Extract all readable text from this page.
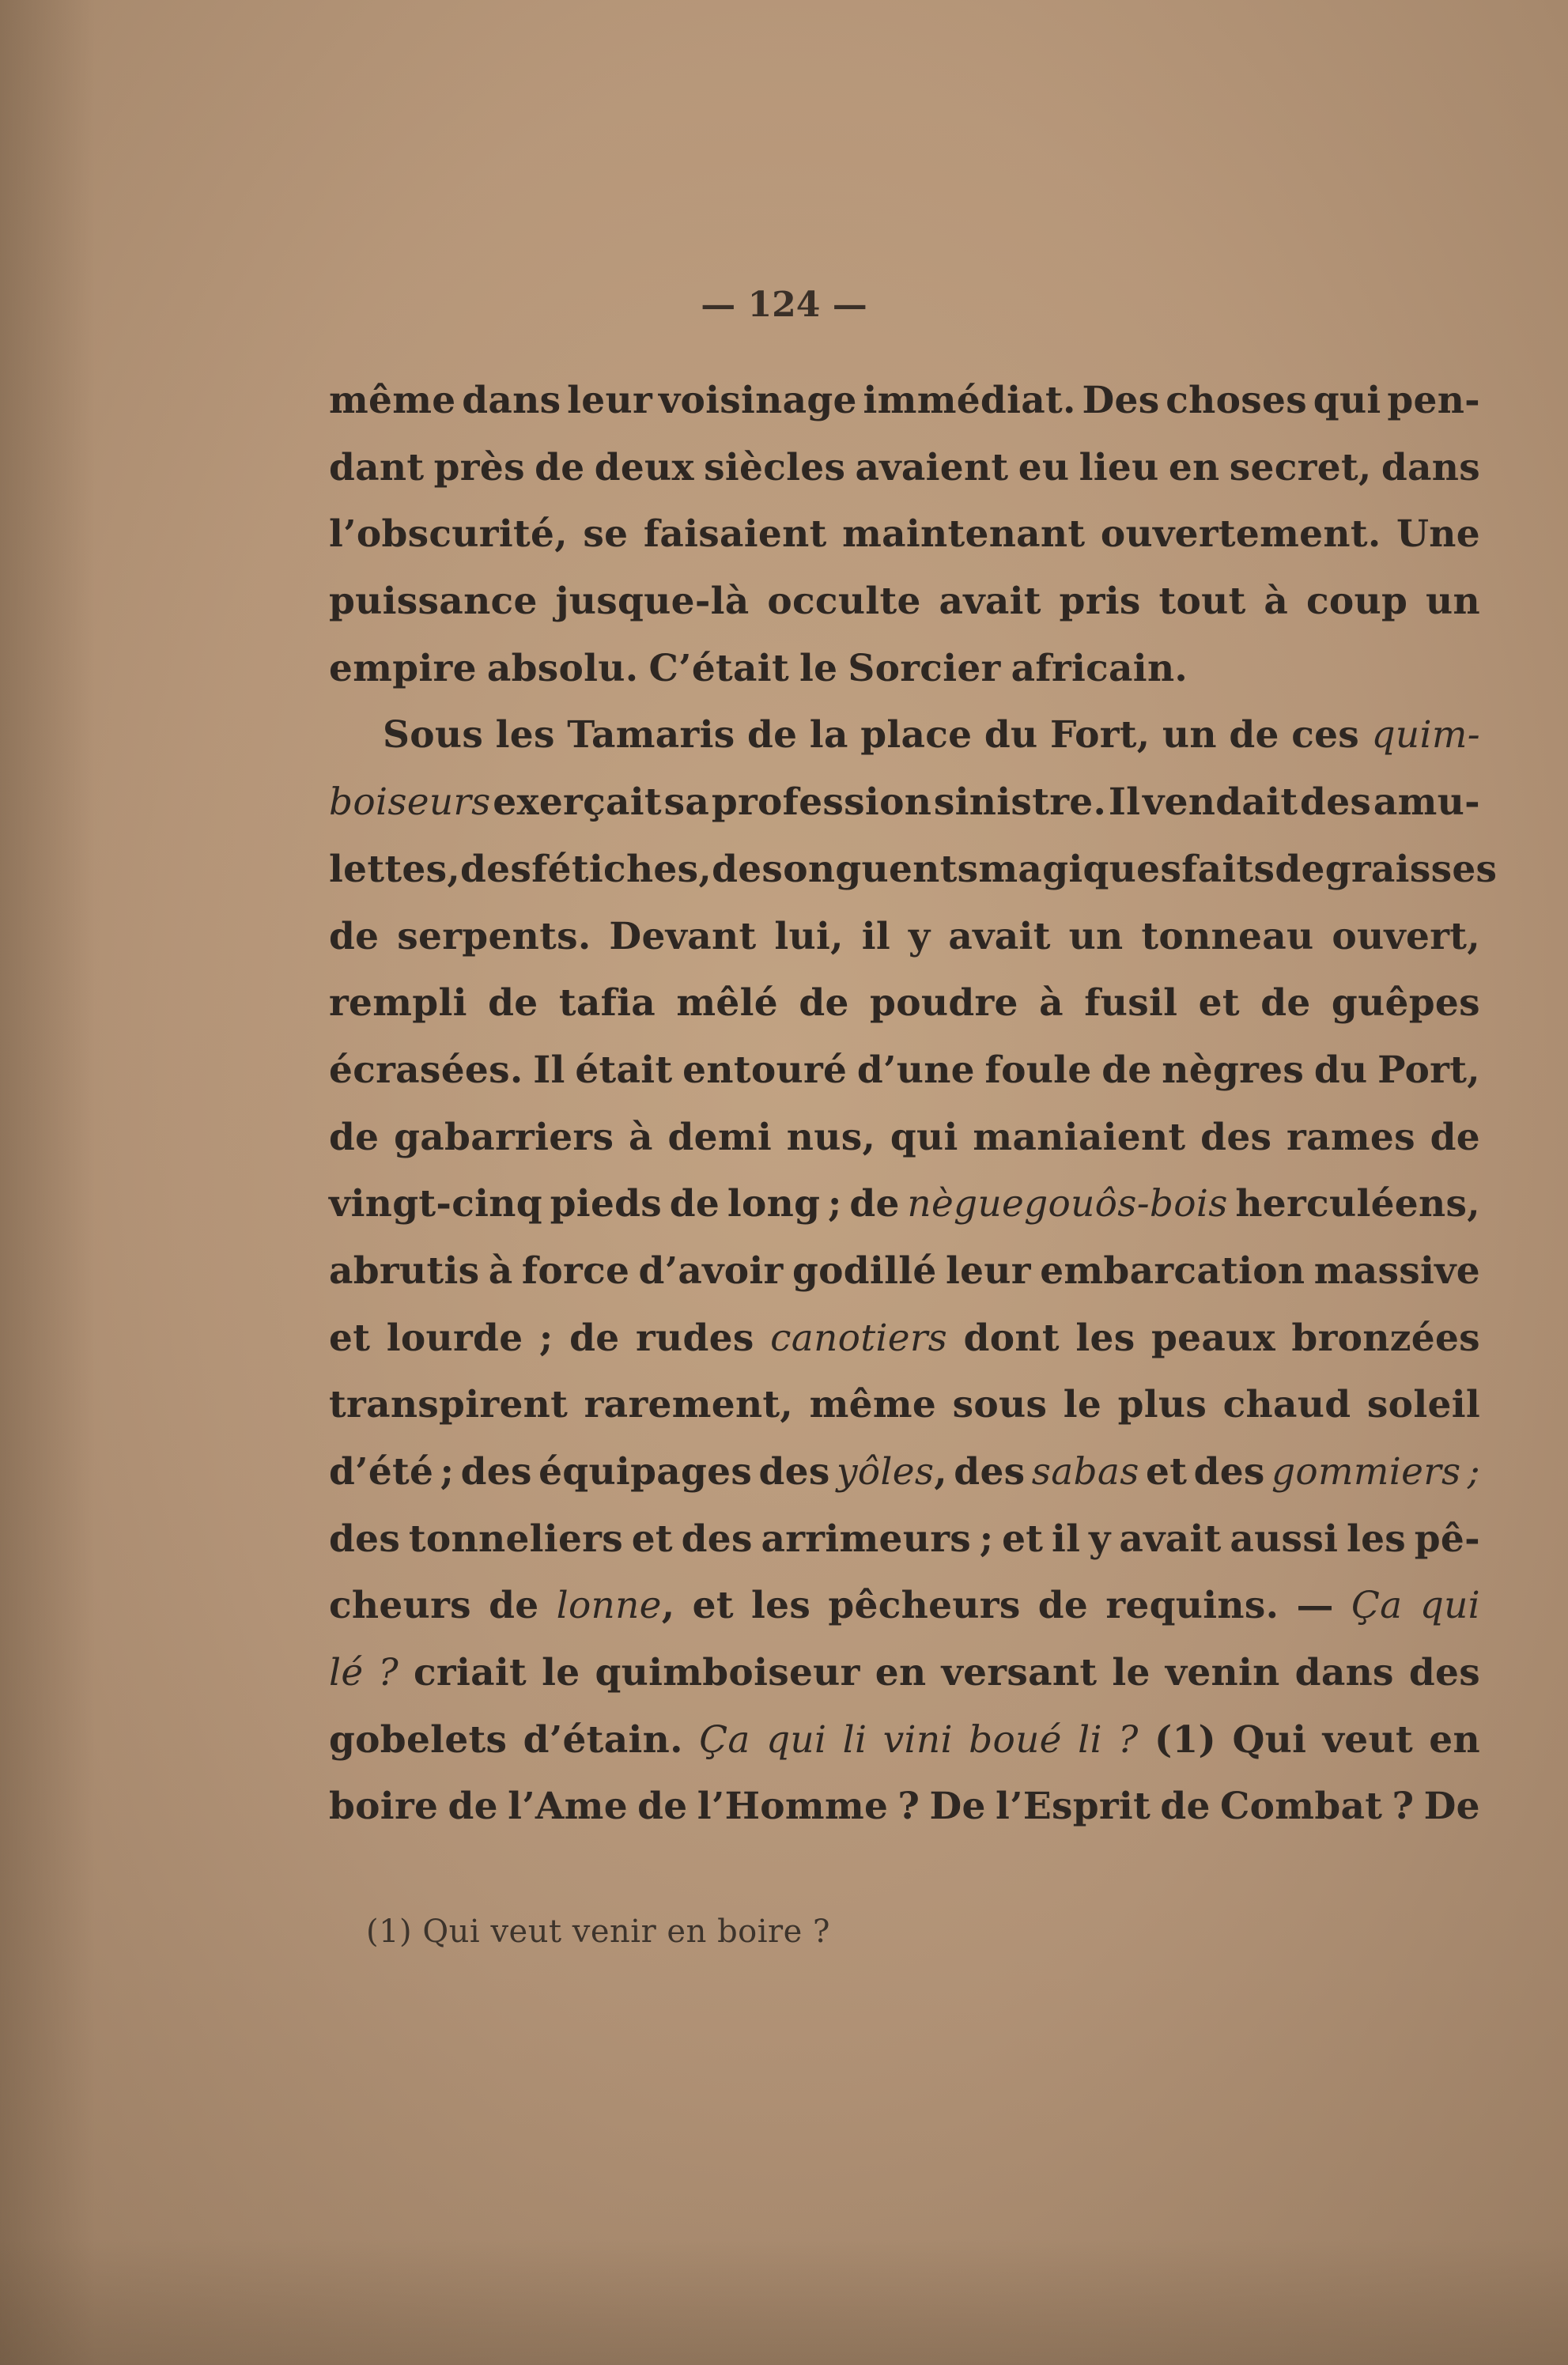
— 124 —
même dans leur voisinage immédiat. Des choses qui pen-
dant près de deux siècles avaient eu lieu en secret, dans
l’obscurité, se faisaient maintenant ouvertement. Une
puissance jusque-là occulte avait pris tout à coup un
empire absolu. C’était le Sorcier africain.
Sous les Tamaris de la place du Fort, un de ces quim-
boiseurs exerçait sa profession sinistre. Il vendait des amu-
lettes, des fétiches, des onguents magiques faits de graisses
de serpents. Devant lui, il y avait un tonneau ouvert,
rempli de tafia mêlé de poudre à fusil et de guêpes
écrasées. Il était entouré d’une foule de nègres du Port,
de gabarriers à demi nus, qui maniaient des rames de
vingt-cinq pieds de long ; de nèguegouôs-bois herculéens,
abrutis à force d’avoir godillé leur embarcation massive
et lourde ; de rudes canotiers dont les peaux bronzées
transpirent rarement, même sous le plus chaud soleil
d’été ; des équipages des yôles, des sabas et des gommiers ;
des tonneliers et des arrimeurs ; et il y avait aussi les pê-
cheurs de lonne, et les pêcheurs de requins. — Ça qui
lé ? criait le quimboiseur en versant le venin dans des
gobelets d’étain. Ça qui li vini boué li ? (1) Qui veut en
boire de l’Ame de l’Homme ? De l’Esprit de Combat ? De
(1) Qui veut venir en boire ?
